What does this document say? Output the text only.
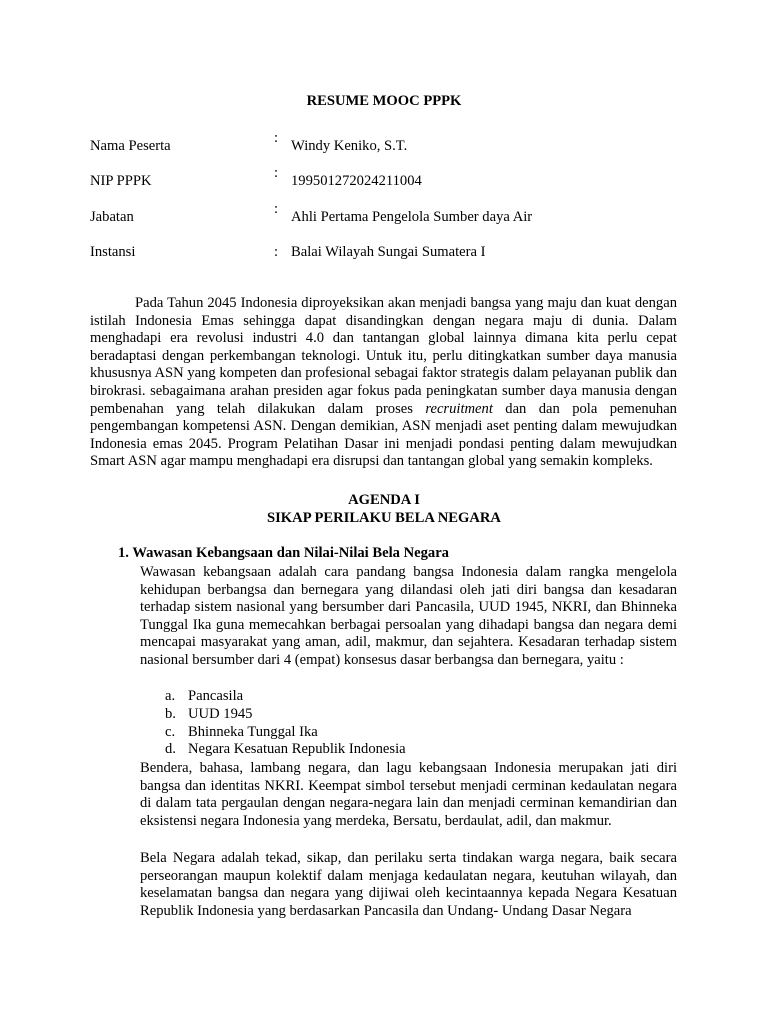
RESUME MOOC PPPK
Nama Peserta	: Windy Keniko, S.T.
NIP PPPK	: 199501272024211004
Jabatan	: Ahli Pertama Pengelola Sumber daya Air
Instansi	: Balai Wilayah Sungai Sumatera I

Pada Tahun 2045 Indonesia diproyeksikan akan menjadi bangsa yang maju dan kuat dengan istilah Indonesia Emas sehingga dapat disandingkan dengan negara maju di dunia. Dalam menghadapi era revolusi industri 4.0 dan tantangan global lainnya dimana kita perlu cepat beradaptasi dengan perkembangan teknologi. Untuk itu, perlu ditingkatkan sumber daya manusia khususnya ASN yang kompeten dan profesional sebagai faktor strategis dalam pelayanan publik dan birokrasi. sebagaimana arahan presiden agar fokus pada peningkatan sumber daya manusia dengan pembenahan yang telah dilakukan dalam proses recruitment dan dan pola pemenuhan pengembangan kompetensi ASN. Dengan demikian, ASN menjadi aset penting dalam mewujudkan Indonesia emas 2045. Program Pelatihan Dasar ini menjadi pondasi penting dalam mewujudkan Smart ASN agar mampu menghadapi era disrupsi dan tantangan global yang semakin kompleks.

AGENDA I
SIKAP PERILAKU BELA NEGARA
1. Wawasan Kebangsaan dan Nilai-Nilai Bela Negara

Wawasan kebangsaan adalah cara pandang bangsa Indonesia dalam rangka mengelola kehidupan berbangsa dan bernegara yang dilandasi oleh jati diri bangsa dan kesadaran terhadap sistem nasional yang bersumber dari Pancasila, UUD 1945, NKRI, dan Bhinneka Tunggal Ika guna memecahkan berbagai persoalan yang dihadapi bangsa dan negara demi mencapai masyarakat yang aman, adil, makmur, dan sejahtera. Kesadaran terhadap sistem nasional bersumber dari 4 (empat) konsesus dasar berbangsa dan bernegara, yaitu :

a. Pancasila
b. UUD 1945
c. Bhinneka Tunggal Ika
d. Negara Kesatuan Republik Indonesia

Bendera, bahasa, lambang negara, dan lagu kebangsaan Indonesia merupakan jati diri bangsa dan identitas NKRI. Keempat simbol tersebut menjadi cerminan kedaulatan negara di dalam tata pergaulan dengan negara-negara lain dan menjadi cerminan kemandirian dan eksistensi negara Indonesia yang merdeka, Bersatu, berdaulat, adil, dan makmur.

Bela Negara adalah tekad, sikap, dan perilaku serta tindakan warga negara, baik secara perseorangan maupun kolektif dalam menjaga kedaulatan negara, keutuhan wilayah, dan keselamatan bangsa dan negara yang dijiwai oleh kecintaannya kepada Negara Kesatuan Republik Indonesia yang berdasarkan Pancasila dan Undang- Undang Dasar Negara
